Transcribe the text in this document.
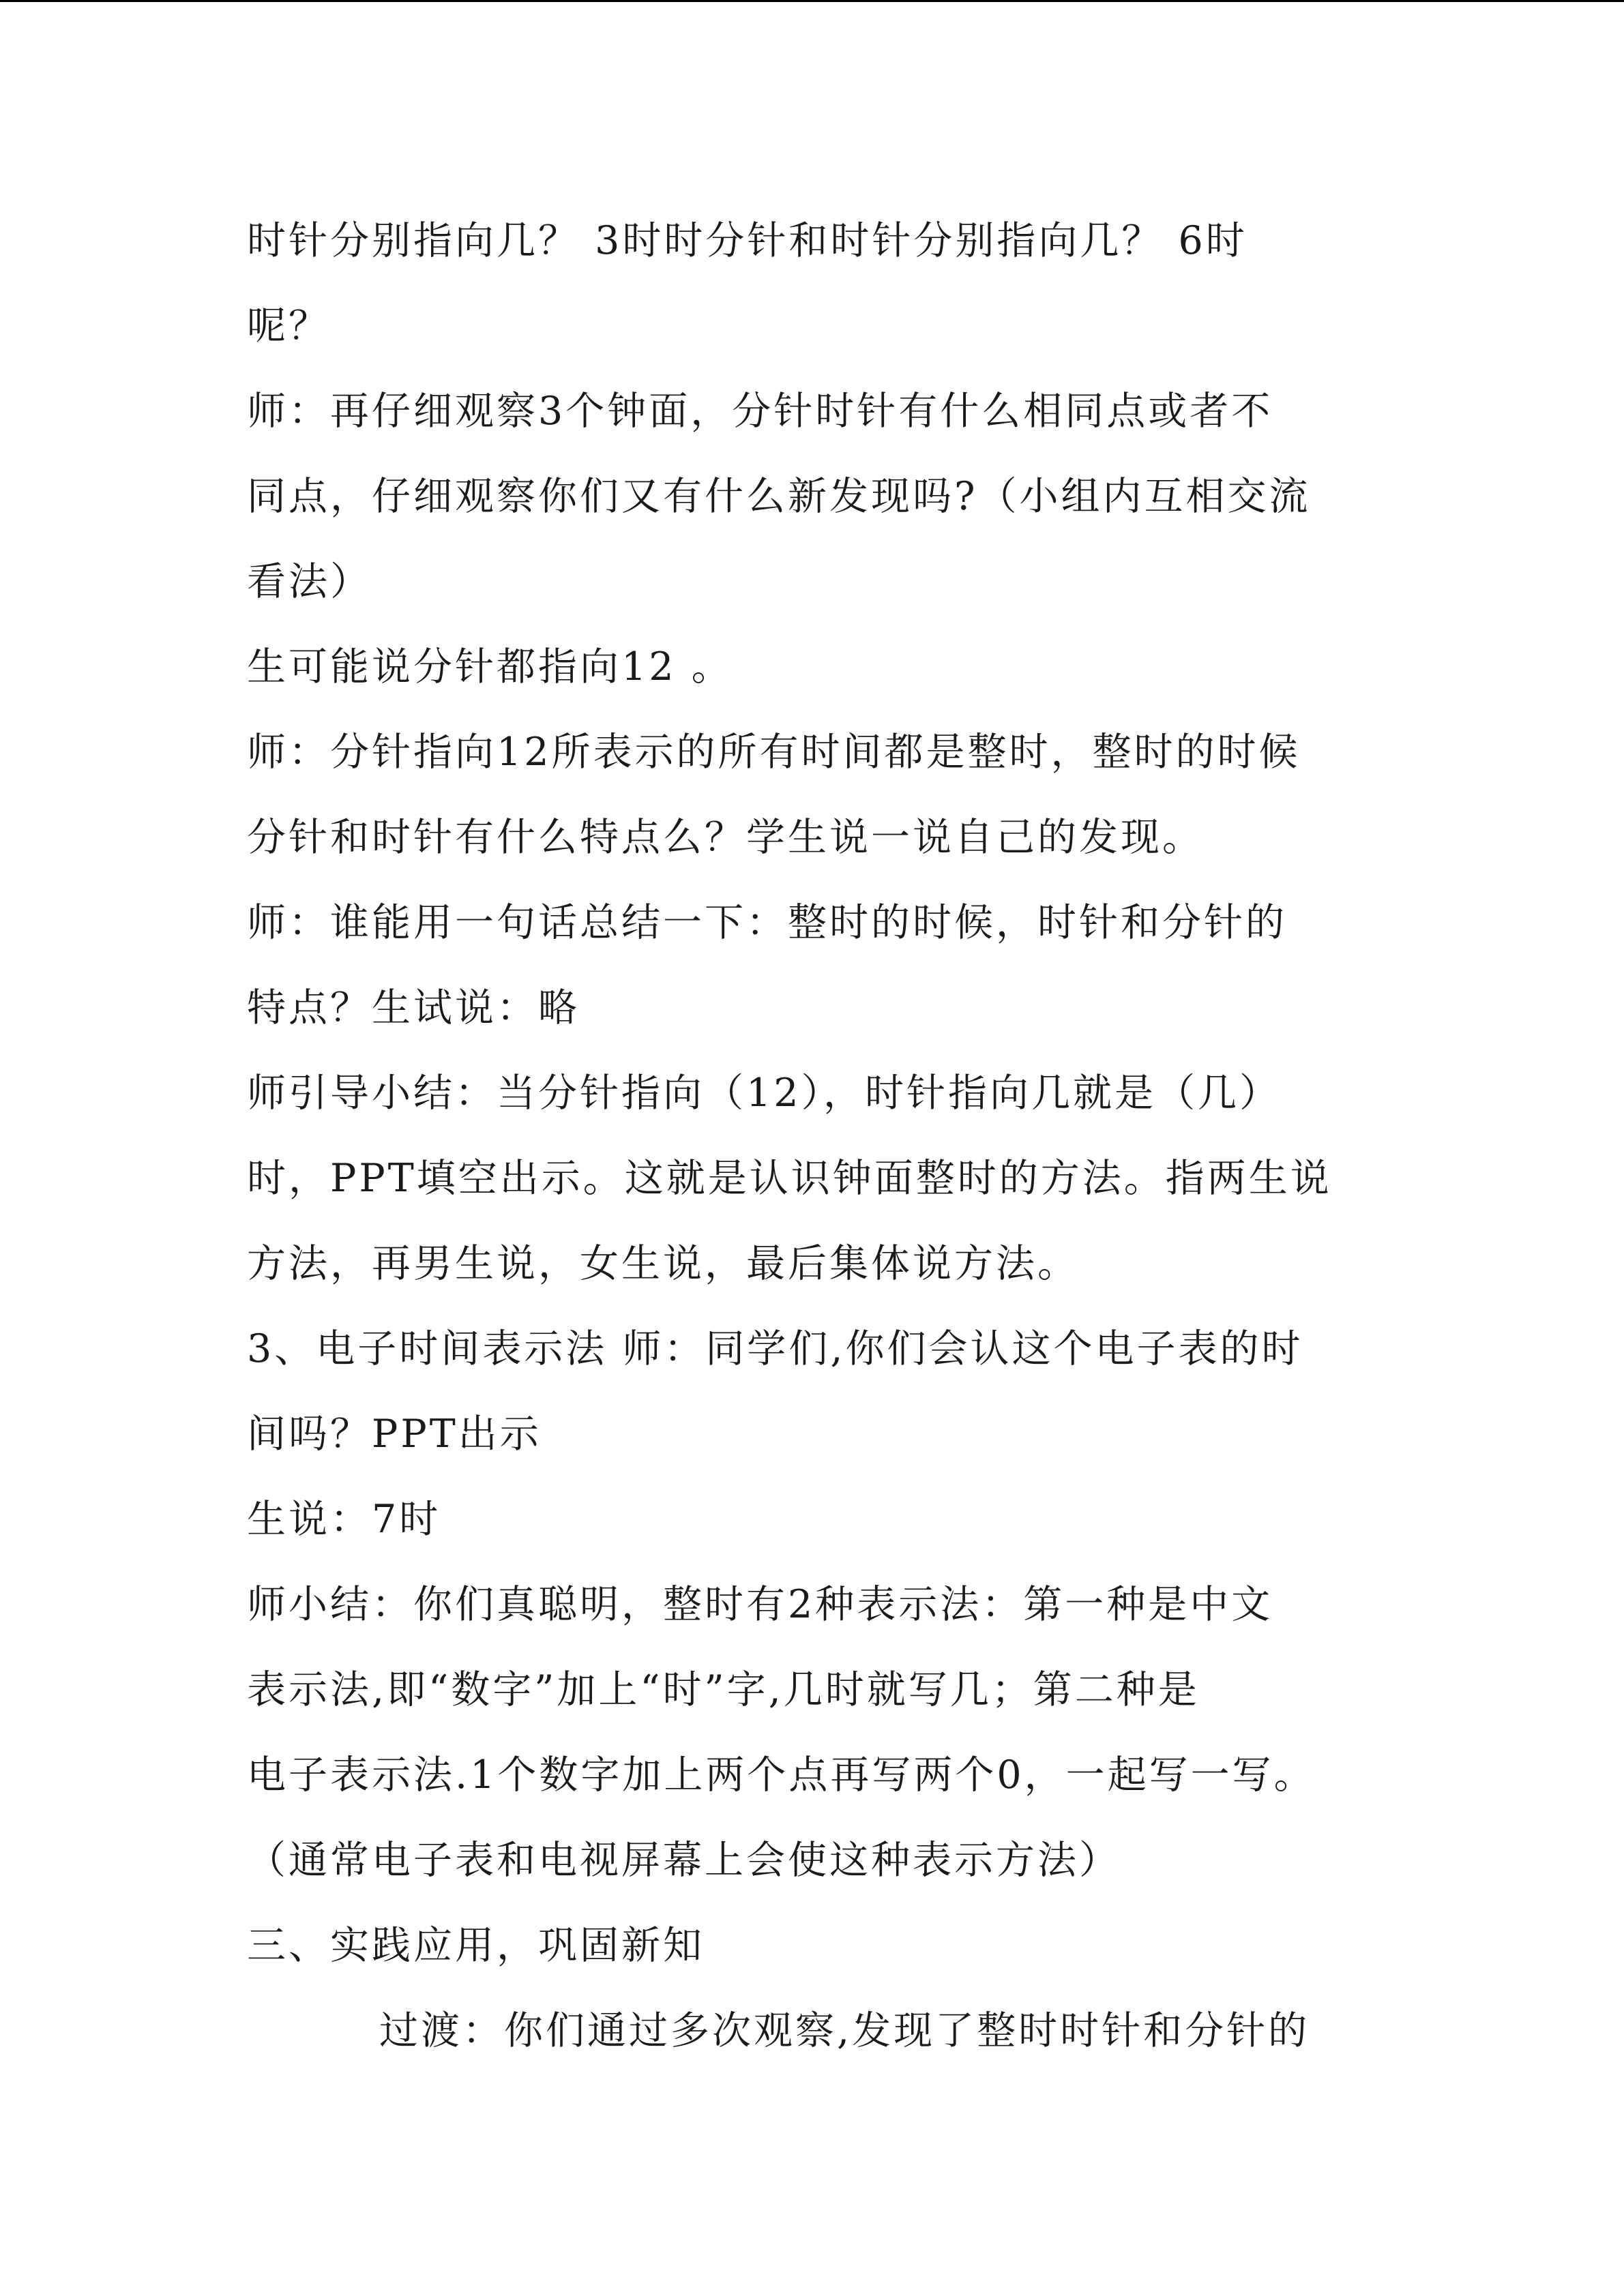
时针分别指向几？ 3时时分针和时针分别指向几？ 6时
呢？
师：再仔细观察3个钟面，分针时针有什么相同点或者不
同点，仔细观察你们又有什么新发现吗?（小组内互相交流
看法）
生可能说分针都指向12 。
师：分针指向12所表示的所有时间都是整时，整时的时候
分针和时针有什么特点么？学生说一说自己的发现。
师：谁能用一句话总结一下：整时的时候，时针和分针的
特点？生试说：略
师引导小结：当分针指向（12），时针指向几就是（几）
时，PPT填空出示。这就是认识钟面整时的方法。指两生说
方法，再男生说，女生说，最后集体说方法。
3、电子时间表示法 师：同学们,你们会认这个电子表的时
间吗？PPT出示
生说：7时
师小结：你们真聪明，整时有2种表示法：第一种是中文
表示法,即“数字”加上“时”字,几时就写几；第二种是
电子表示法.1个数字加上两个点再写两个0，一起写一写。
（通常电子表和电视屏幕上会使这种表示方法）
三、实践应用，巩固新知
过渡：你们通过多次观察,发现了整时时针和分针的
